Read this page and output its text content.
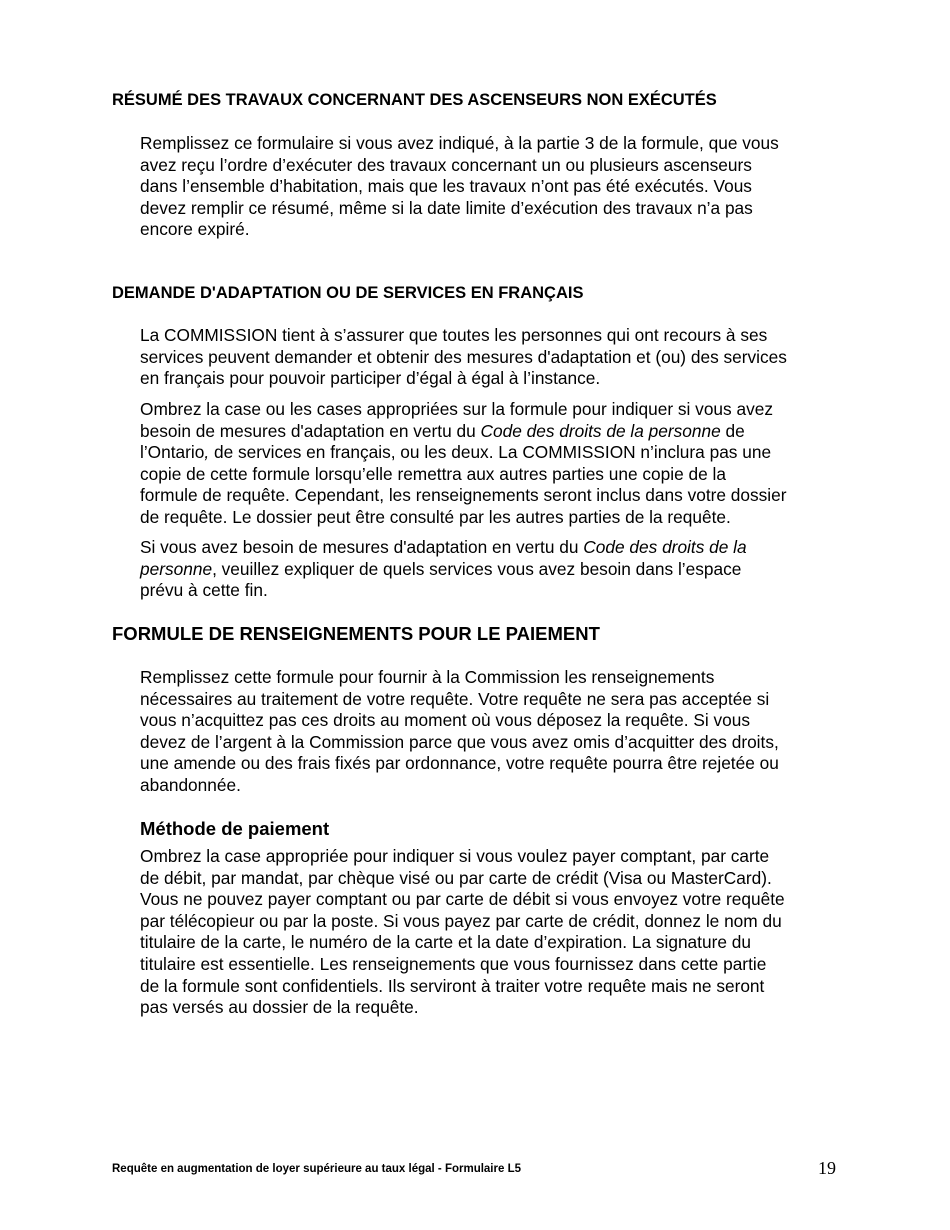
RÉSUMÉ DES TRAVAUX CONCERNANT DES ASCENSEURS NON EXÉCUTÉS

Remplissez ce formulaire si vous avez indiqué, à la partie 3 de la formule, que vous
avez reçu l’ordre d’exécuter des travaux concernant un ou plusieurs ascenseurs
dans l’ensemble d’habitation, mais que les travaux n’ont pas été exécutés. Vous
devez remplir ce résumé, même si la date limite d’exécution des travaux n’a pas
encore expiré.

DEMANDE D'ADAPTATION OU DE SERVICES EN FRANÇAIS

La COMMISSION tient à s’assurer que toutes les personnes qui ont recours à ses
services peuvent demander et obtenir des mesures d'adaptation et (ou) des services
en français pour pouvoir participer d’égal à égal à l’instance.

Ombrez la case ou les cases appropriées sur la formule pour indiquer si vous avez
besoin de mesures d'adaptation en vertu du Code des droits de la personne de
l’Ontario, de services en français, ou les deux. La COMMISSION n’inclura pas une
copie de cette formule lorsqu’elle remettra aux autres parties une copie de la
formule de requête. Cependant, les renseignements seront inclus dans votre dossier
de requête. Le dossier peut être consulté par les autres parties de la requête.

Si vous avez besoin de mesures d'adaptation en vertu du Code des droits de la
personne, veuillez expliquer de quels services vous avez besoin dans l’espace
prévu à cette fin.

FORMULE DE RENSEIGNEMENTS POUR LE PAIEMENT

Remplissez cette formule pour fournir à la Commission les renseignements
nécessaires au traitement de votre requête. Votre requête ne sera pas acceptée si
vous n’acquittez pas ces droits au moment où vous déposez la requête. Si vous
devez de l’argent à la Commission parce que vous avez omis d’acquitter des droits,
une amende ou des frais fixés par ordonnance, votre requête pourra être rejetée ou
abandonnée.

Méthode de paiement

Ombrez la case appropriée pour indiquer si vous voulez payer comptant, par carte
de débit, par mandat, par chèque visé ou par carte de crédit (Visa ou MasterCard).
Vous ne pouvez payer comptant ou par carte de débit si vous envoyez votre requête
par télécopieur ou par la poste. Si vous payez par carte de crédit, donnez le nom du
titulaire de la carte, le numéro de la carte et la date d’expiration. La signature du
titulaire est essentielle. Les renseignements que vous fournissez dans cette partie
de la formule sont confidentiels. Ils serviront à traiter votre requête mais ne seront
pas versés au dossier de la requête.

Requête en augmentation de loyer supérieure au taux légal - Formulaire L5	19
